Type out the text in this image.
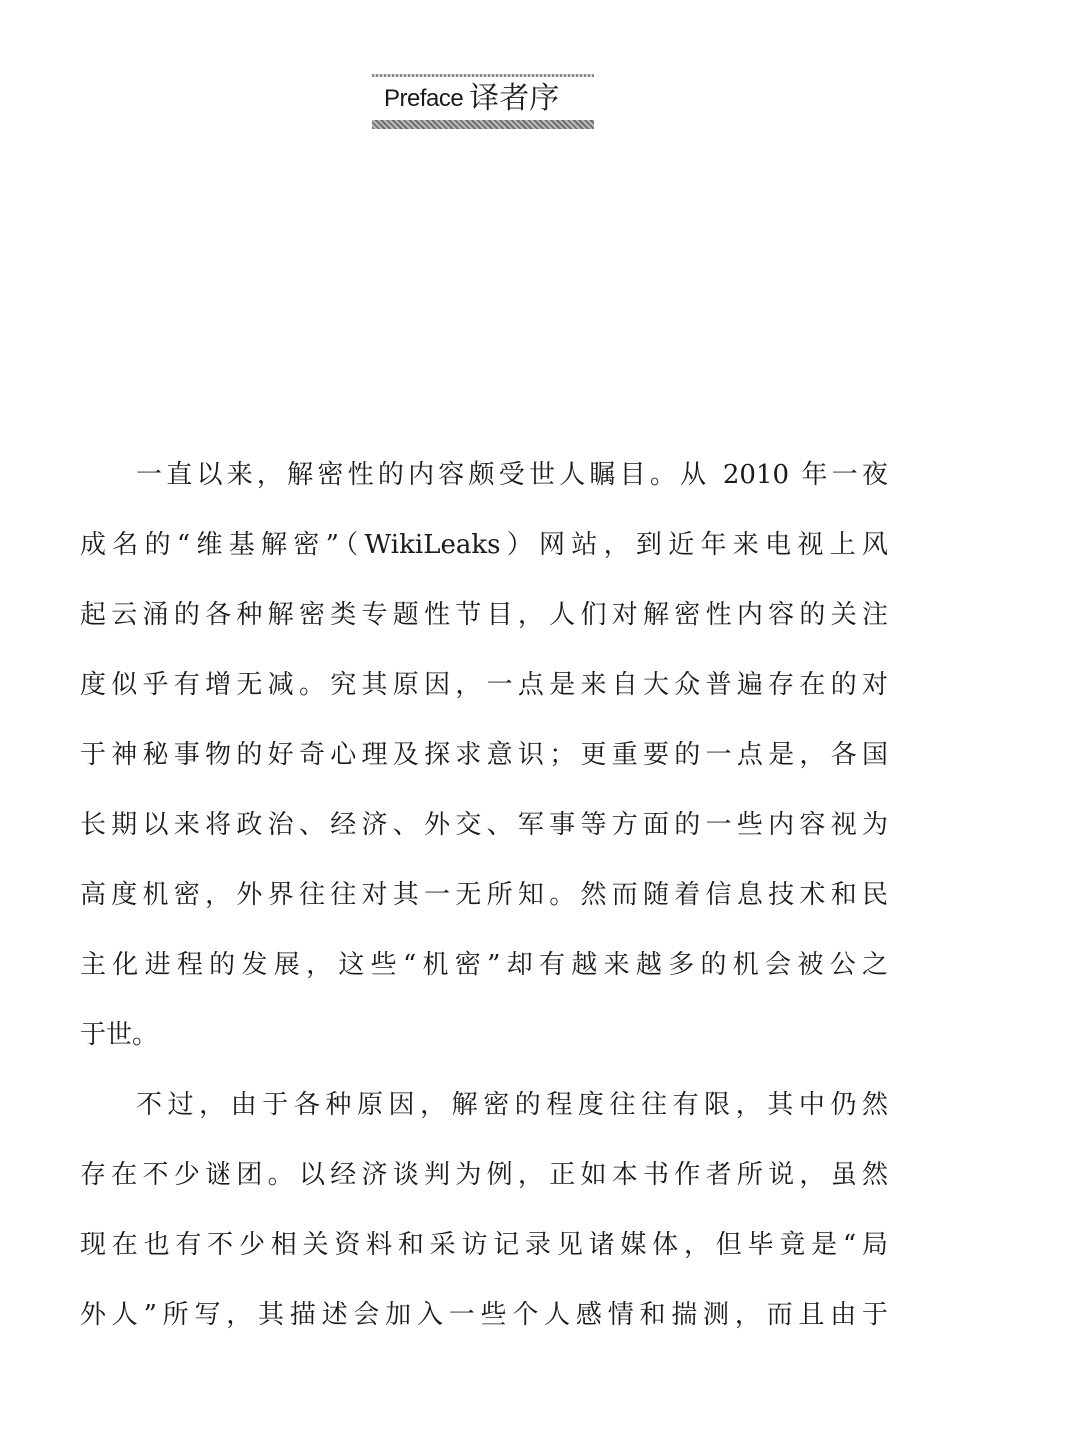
Preface 译者序
一直以来，解密性的内容颇受世人瞩目。从 2010 年一夜
成名的“维基解密”（WikiLeaks）网站，到近年来电视上风
起云涌的各种解密类专题性节目，人们对解密性内容的关注
度似乎有增无减。究其原因，一点是来自大众普遍存在的对
于神秘事物的好奇心理及探求意识；更重要的一点是，各国
长期以来将政治、经济、外交、军事等方面的一些内容视为
高度机密，外界往往对其一无所知。然而随着信息技术和民
主化进程的发展，这些“机密”却有越来越多的机会被公之
于世。
不过，由于各种原因，解密的程度往往有限，其中仍然
存在不少谜团。以经济谈判为例，正如本书作者所说，虽然
现在也有不少相关资料和采访记录见诸媒体，但毕竟是“局
外人”所写，其描述会加入一些个人感情和揣测，而且由于
